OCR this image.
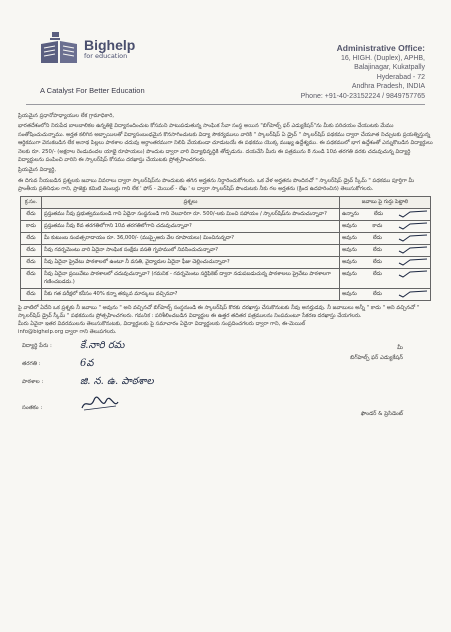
Bighelp
for education
A Catalyst For Better Education
Administrative Office:
16, HIGH. (Duplex), APHB,
Balajinagar, Kukatpally
Hyderabad - 72
Andhra Pradesh, INDIA
Phone: +91-40-23152224 / 9849757765
ప్రియమైన ప్రధానోపాధ్యాయుల లేక గ్రామాధికారి,
భారతదేశంలోని నిరుపేద బాలబాలికల ఉన్నతికై విద్యానందించుట కోసమని పాటుపడుతున్న సాంఘిక సేవా సంస్థ అయిన "బిగ్‌హెల్ప్ ఫర్ ఎడ్యుకేషన్"ను మీకు పరిచయం చేయుటకు మేము సంతోషించుచున్నాము. అర్హత కలిగిన అబ్బాయిలతో విద్యాసంబంధమైన కొనసాగించుటకు విద్యా సౌకర్యములు వారికి " స్కాలర్‌షిప్ ఏ డ్రైవ్ " స్కాలర్‌షిప్ పథకము ద్వారా చేయూత నిచ్చుటకు ప్రయత్నిస్తున్న ఆర్థికముగా వెనుకబడిన లేక అనాథ పిల్లలు పాఠశాల చదువు అర్ధాంతరముగా నిలిపి వేయకుండా చూడుటయే ఈ పథకము యొక్క ముఖ్య ఉద్దేశ్యము. ఈ పథకములో భాగ ఉద్దేశంతో ఎన్నుకొబడిన విద్యార్థులు నెలకు రూ. 250/- (అక్షరాల రెండువందల యాభై రూపాయలు) పొందుట ద్వారా వారి విద్యాభివృద్ధికి తోడ్పడును. దయచేసి మీరు ఈ పత్రమును 8 నుండి 10వ తరగతి వరకు చదువుచున్న విద్యార్థి విద్యార్థులను పంపించి వారిని ఈ స్కాలర్‌షిప్ కోసము దరఖాస్తు చేయుటకు ప్రోత్సహించగలరు.
ప్రియమైన విద్యార్థి,
ఈ దిగువ నీయబడిన ప్రశ్నలకు జవాబు వివరాలు ద్వారా స్కాలర్‌షిప్‌ను పొందుటకు తగిన అర్హతను నిర్ధారించుకోగలరు. ఒక వేళ అర్హతను పొందినచో " స్కాలర్‌షిప్ డ్రైవ్ స్కీమ్ " పథకము పూర్తిగా మీ ప్రాంతీయ ప్రతినిధుల గాని, ప్రాజెక్టు కమిటి మెంబర్లు గాని లేక ' ఫోన్ - మెయిల్ - లేఖ ' ల ద్వారా స్కాలర్‌షిప్ పొందుటకు నీకు గల అర్హతను (క్రింద ఉదహరించిన) తెలుసుకోగలరు.
క్ర.సం.	ప్రశ్నలు	జవాబు పై గుర్తు పెట్టాలి
లేదు	ప్రస్తుతము నీవు ప్రభుత్వమునుండి గాని ఏదైనా సంస్థనుండి గాని నెలవారిగా రూ. 500/-లకు మించి సహాయం / స్కాలర్‌షిప్‌ను పొందుచున్నావా?	ఉన్నాను లేదు

కాదు	ప్రస్తుతము నీవు 8వ తరగతిలోగాని 10వ తరగతిలోగాని చదువుచున్నావా?	అవును కాదు

లేదు	మీ కుటుంబ సంవత్సరాదాయం రూ. 36,000/- (ముప్పైఆరు వేల రూపాయలు) మించినున్నదా?	అవును లేదు

లేదు	నీవు గవర్నమెంటు వారి ఏదైనా సాంఘిక సంక్షేమ వసతి గృహములో నివసించుచున్నావా?	అవును లేదు

లేదు	నీవు ఏదైనా ప్రైవేటు పాఠశాలలో ఉంటూ నీ వసతి, వైద్యాదుల ఏదైనా ఫీజు చెల్లించుచున్నావా?	అవును లేదు

లేదు	నీవు ఏదైనా ప్రయివేటు పాఠశాలలో చదువుచున్నావా? (గమనిక - గవర్నమెంటు సర్టిఫికెట్ ద్వారా నడుపబడుచున్న పాఠశాలలు ప్రైవేటు పాఠశాలగా గణించబడదు.)	అవును లేదు

లేదు	నీకు గత పరీక్షలో కనీసం 40% కన్నా తక్కువ మార్కులు వచ్చినవా?	అవును లేదు
పై వాటిలో ఏదేని ఒక ప్రశ్నకు నీ జవాబు " అవును " అని వచ్చినచో బిగ్‌హెల్ప్ సంస్థనుండి ఈ స్కాలర్‌షిప్ కొరకు దరఖాస్తు చేసుకొనుటకు నీవు అనర్హుడవు. నీ జవాబులు అన్నీ " కాదు " అని వచ్చినచో " స్కాలర్‌షిప్ డ్రైవ్ స్కీమ్ " పథకమును ప్రోత్సహించగలరు. గమనిక : పరిశీలించబడిన విద్యార్థుల ఈ ఉత్తర తదితర పత్రములను నింపమంటూ సేకరణ దరఖాస్తు చేయగలరు.
మీరు ఏవైనా ఇతర వివరములను తెలుసుకొనుటకు, విద్యార్థులకు పై సమాచారం ఏదైనా విద్యార్థులకు సంప్రదించగలరు ద్వారా గాని, ఈ-మెయిల్
info@bighelp.org ద్వారా గాని తెలుపగలరు.
విద్యార్థి పేరు :	కే.నారి రమ
తరగతి :	6వ
పాఠశాల :	జి. న. ఉ. పాఠశాల
సంతకం :
మీ
బిగ్‌హెల్ప్ ఫర్ ఎడ్యుకేషన్
ఫౌండర్ & ప్రెసిడెంట్
